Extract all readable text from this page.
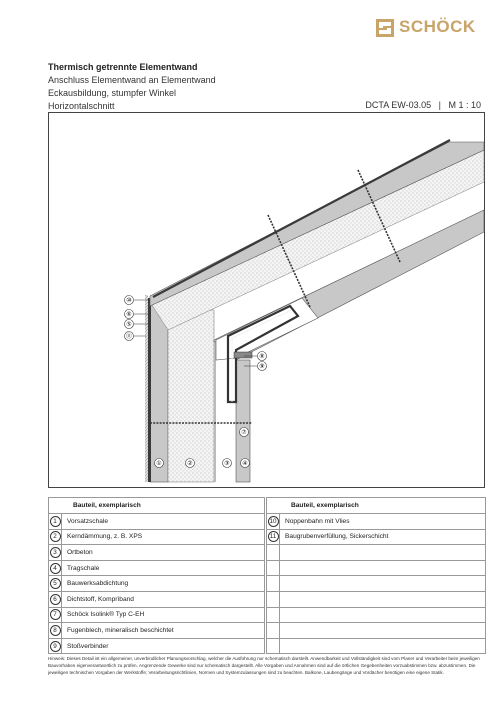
SCHÖCK
Thermisch getrennte Elementwand
Anschluss Elementwand an Elementwand
Eckausbildung, stumpfer Winkel
Horizontalschnitt	DCTA EW-03.05 | M 1 : 10
⑩
⑥
⑤
⑪
⑧
⑨
⑦
①	②	③ ④
Bauteil, exemplarisch	
1	Vorsatzschale
2	Kerndämmung, z. B. XPS
3	Ortbeton
4	Tragschale
5	Bauwerksabdichtung
6	Dichtstoff, Komprìband
7	Schöck Isolink® Typ C-EH
8	Fugenblech, mineralisch beschichtet
9	Stoßverbinder
Bauteil, exemplarisch	
10	Noppenbahn mit Vlies
11	Baugrubenverfüllung, Sickerschicht

Hinweis: Dieses Detail ist ein allgemeiner, unverbindlicher Planungsvorschlag, welcher die Ausführung nur schematisch darstellt. Anwendbarkeit und Vollständigkeit sind vom Planer und Verarbeiter beim jeweiligen Bauvorhaben eigenverantwortlich zu prüfen. Angrenzende Gewerke sind nur schematisch dargestellt. Alle Vorgaben und Annahmen sind auf die örtlichen Gegebenheiten vorzuabstimmen bzw. abzustimmen. Die jeweiligen technischen Vorgaben der Werkstoffe; Verarbeitungsrichtlinien, Normen und Systemzulassungen sind zu beachten. Balkone, Laubengänge und Vordächer benötigen eine eigene Statik.
